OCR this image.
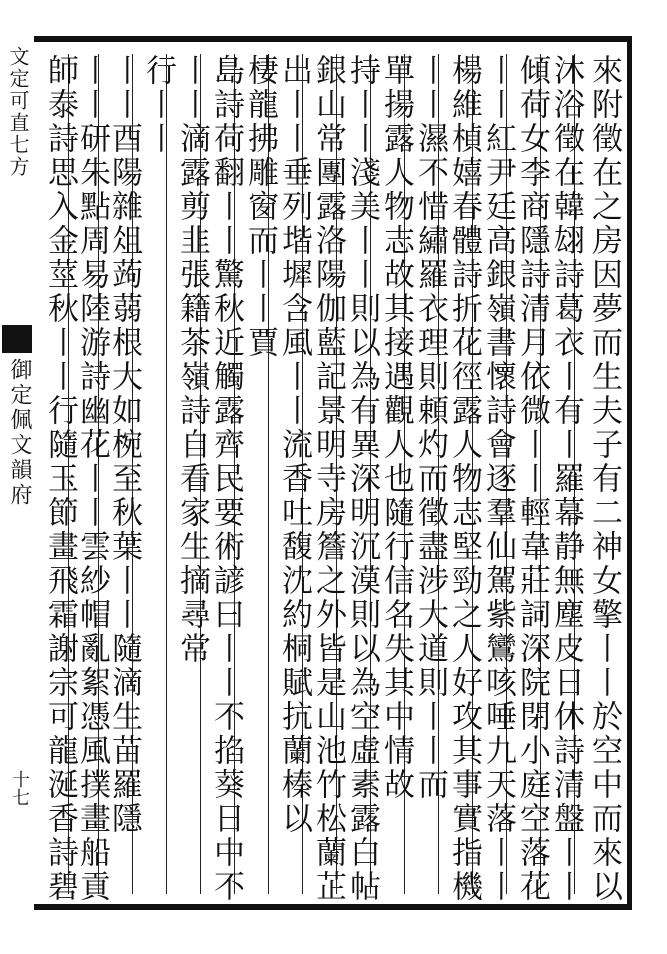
文定可直七方
御定佩文韻府
十七	來附徵在之房因夢而生夫子有二神女擎丨丨於空中而來以
沐浴徵在韓翃詩葛衣丨有丨羅幕静無塵皮日休詩清盤丨丨
傾荷女李商隱詩清月依微丨丨輕韋莊詞深院閉小庭空落花
丨丨紅尹廷高銀嶺書懷詩會逐羣仙駕紫鸞咳唾九天落丨丨
楊維楨嬉春體詩折花徑露人物志堅勁之人好攻其事實指機
丨丨濕不惜繡羅衣理則頼灼而徵盡涉大道則丨丨而
單揚露人物志故其接遇觀人也隨行信名失其中情故
持丨丨淺美丨丨則以為有異深明沉漠則以為空虛素露白帖
銀山常團露洛陽伽藍記景明寺房簷之外皆是山池竹松蘭芷
出丨丨垂列堦墀含風丨丨流香吐馥沈約桐賦抗蘭榛以
棲龍拂雕窗而丨丨賈
島詩荷翻丨丨驚秋近觸露齊民要術諺曰丨丨不掐葵日中不
丨丨滴露剪韭張籍茶嶺詩自看家生摘尋常
行丨丨
丨丨酉陽雜俎蒟蒻根大如椀至秋葉丨丨隨滴生苗羅隱
丨丨研朱點周易陸游詩幽花丨丨雲紗帽亂絮憑風撲畫船貢
師泰詩思入金莖秋丨丨行隨玉節畫飛霜謝宗可龍涎香詩碧
